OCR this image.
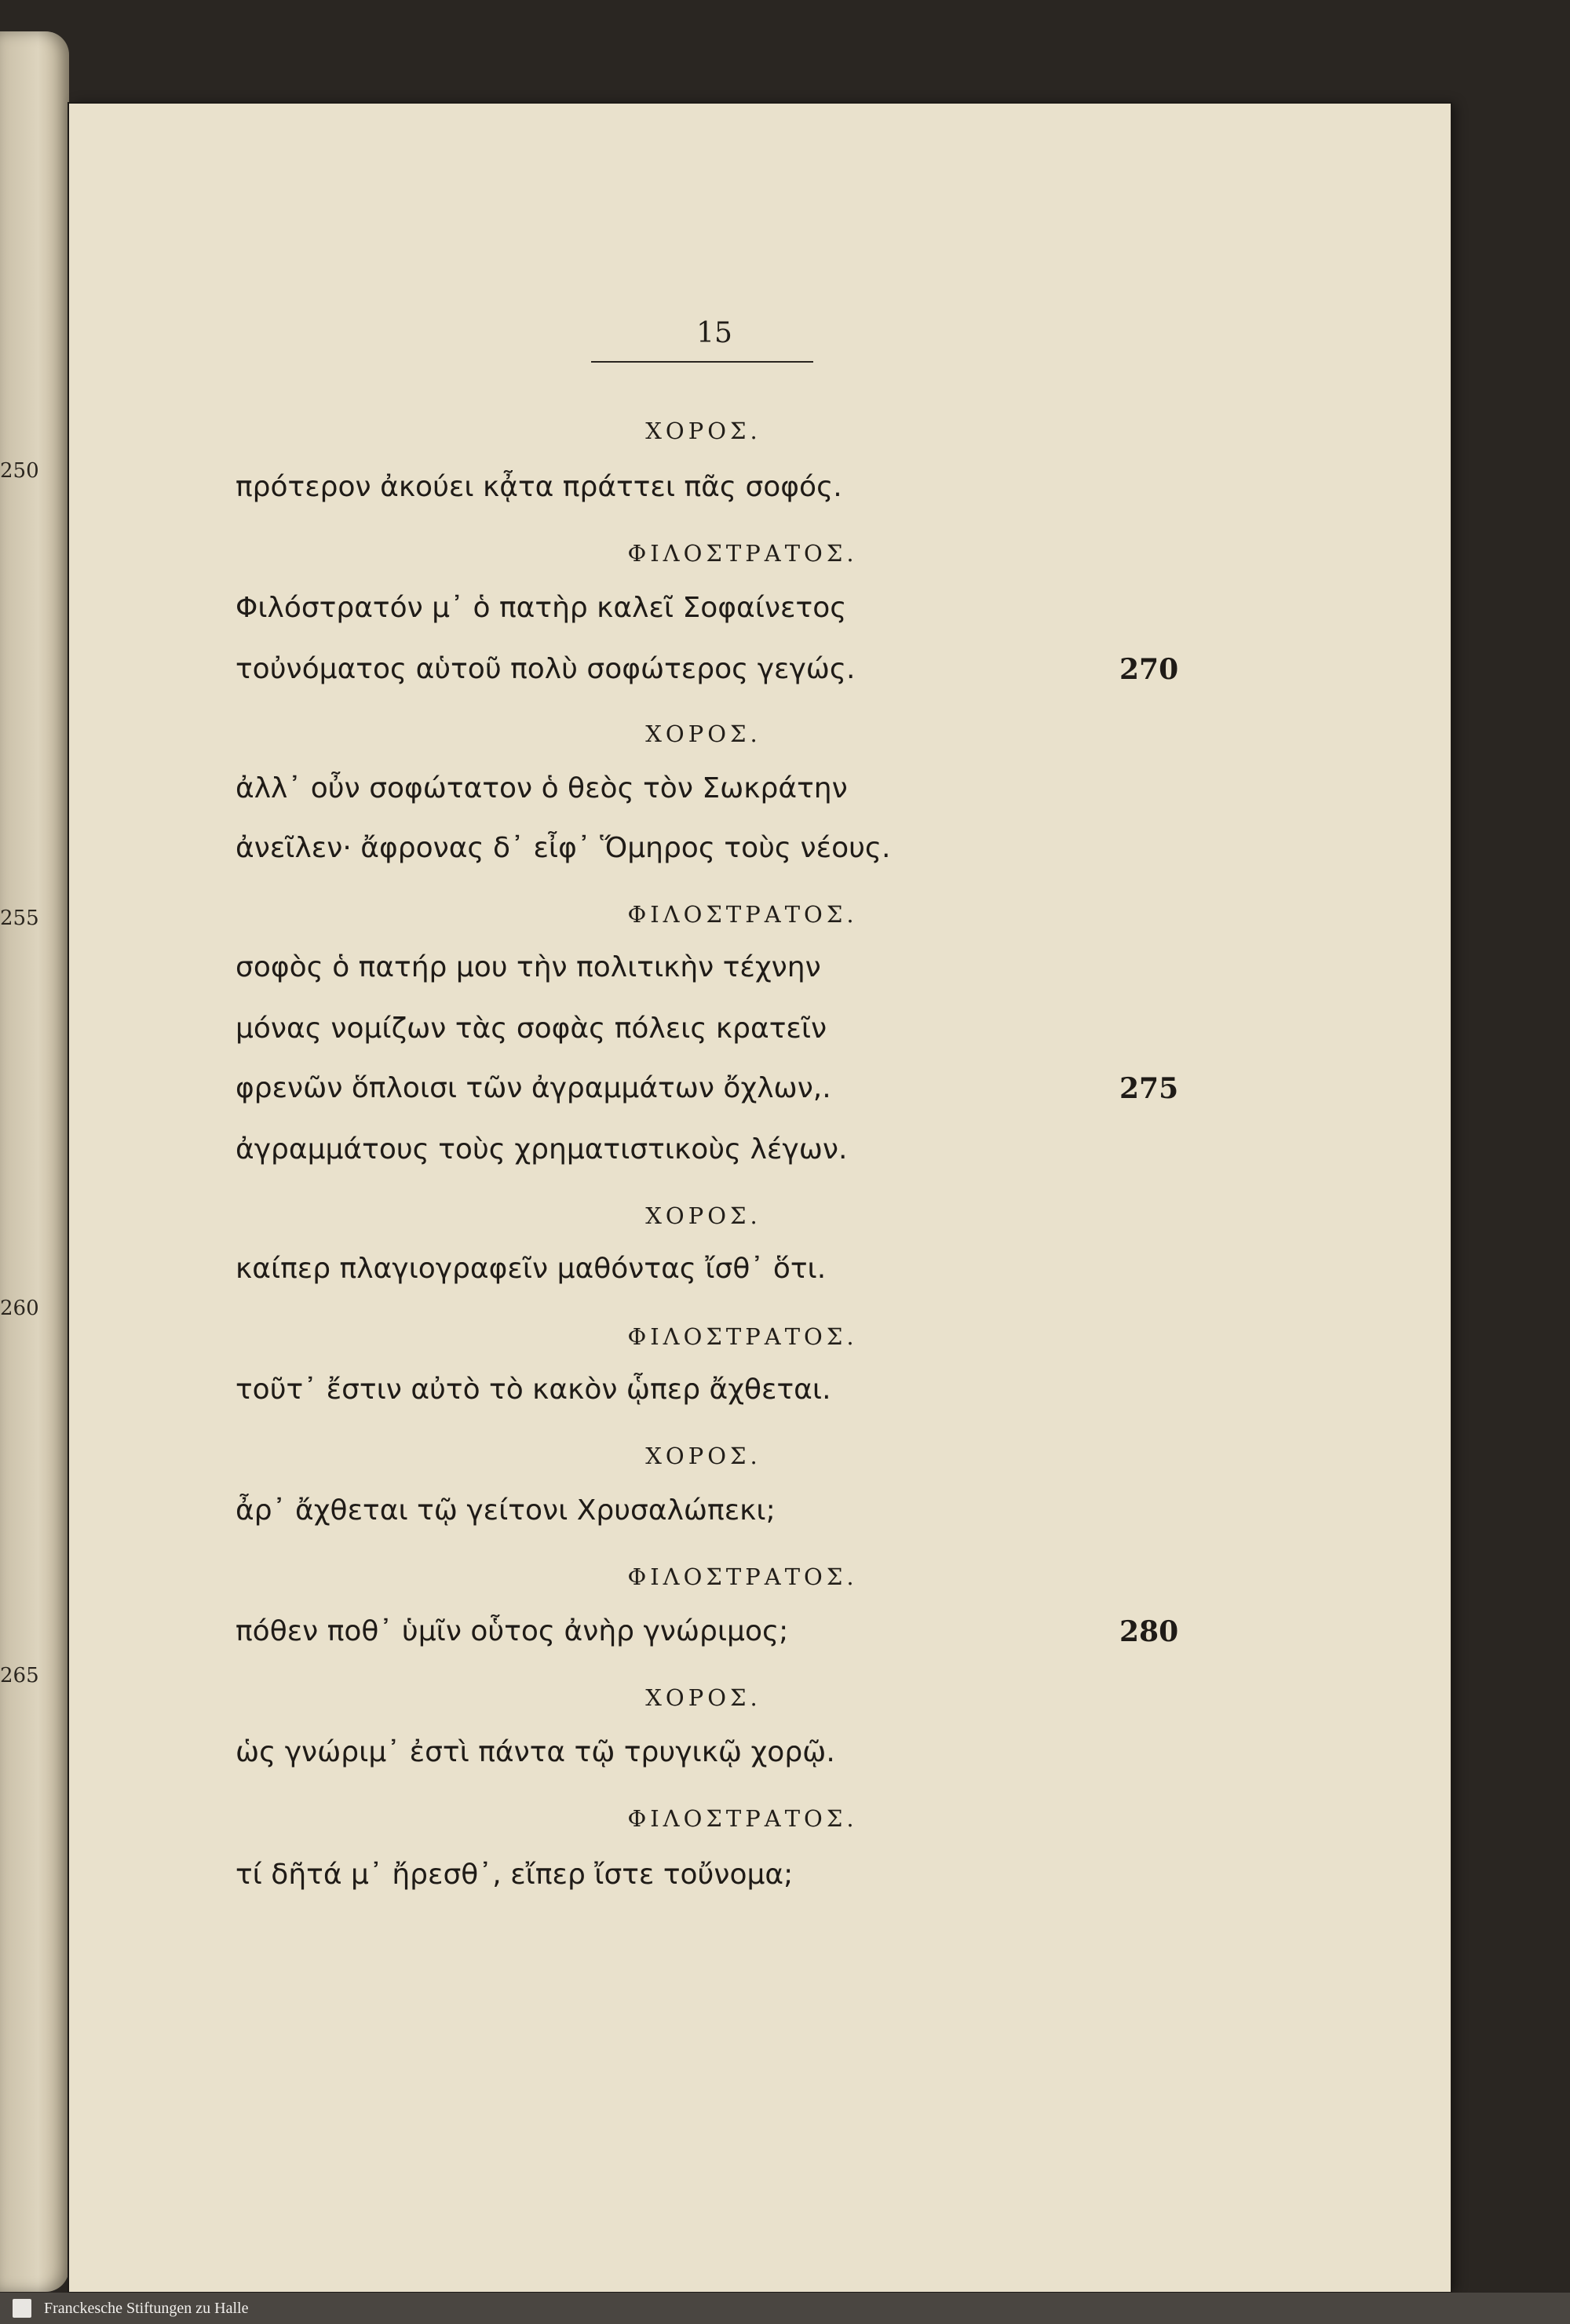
250
255
260
265
15
ΧΟΡΟΣ.
πρότερον ἀκούει κᾆτα πράττει πᾶς σοφός.
ΦΙΛΟΣΤΡΑΤΟΣ.
Φιλόστρατόν μ᾽ ὁ πατὴρ καλεῖ Σοφαίνετος
τοὐνόματος αὑτοῦ πολὺ σοφώτερος γεγώς.	270
ΧΟΡΟΣ.
ἀλλ᾽ οὖν σοφώτατον ὁ θεὸς τὸν Σωκράτην
ἀνεῖλεν· ἄφρονας δ᾽ εἶφ᾽ Ὅμηρος τοὺς νέους.
ΦΙΛΟΣΤΡΑΤΟΣ.
σοφὸς ὁ πατήρ μου τὴν πολιτικὴν τέχνην
μόνας νομίζων τὰς σοφὰς πόλεις κρατεῖν
φρενῶν ὅπλοισι τῶν ἀγραμμάτων ὄχλων,.	275
ἀγραμμάτους τοὺς χρηματιστικοὺς λέγων.
ΧΟΡΟΣ.
καίπερ πλαγιογραφεῖν μαθόντας ἴσθ᾽ ὅτι.
ΦΙΛΟΣΤΡΑΤΟΣ.
τοῦτ᾽ ἔστιν αὐτὸ τὸ κακὸν ᾧπερ ἄχθεται.
ΧΟΡΟΣ.
ἆρ᾽ ἄχθεται τῷ γείτονι Χρυσαλώπεκι;
ΦΙΛΟΣΤΡΑΤΟΣ.
πόθεν ποθ᾽ ὑμῖν οὗτος ἀνὴρ γνώριμος;	280
ΧΟΡΟΣ.
ὡς γνώριμ᾽ ἐστὶ πάντα τῷ τρυγικῷ χορῷ.
ΦΙΛΟΣΤΡΑΤΟΣ.
τί δῆτά μ᾽ ἤρεσθ᾽, εἴπερ ἴστε τοὔνομα;
Franckesche Stiftungen zu Halle
